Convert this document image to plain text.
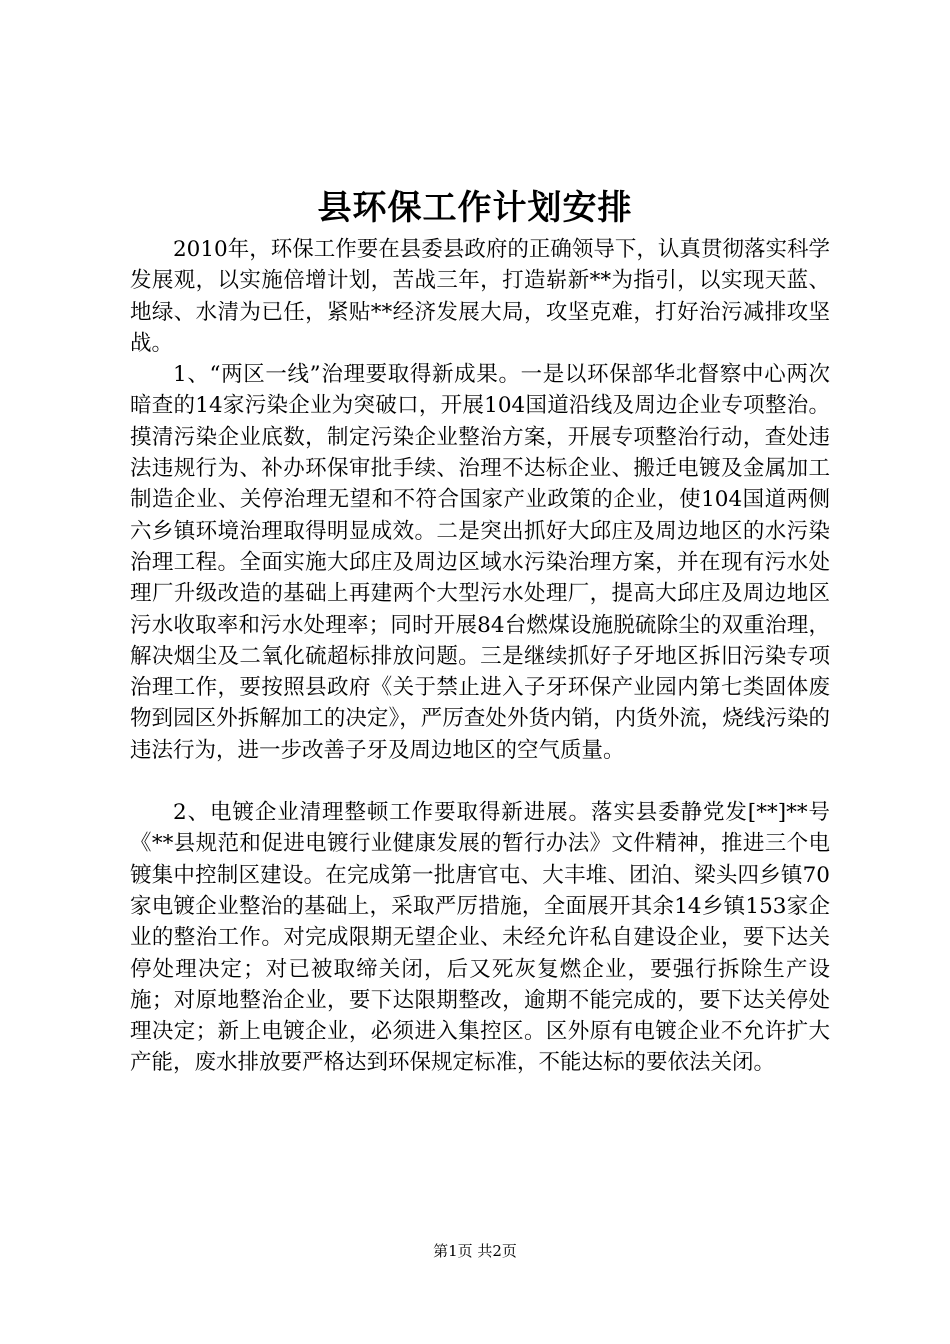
县环保工作计划安排

2010年，环保工作要在县委县政府的正确领导下，认真贯彻落实科学发展观，以实施倍增计划，苦战三年，打造崭新**为指引，以实现天蓝、地绿、水清为已任，紧贴**经济发展大局，攻坚克难，打好治污减排攻坚战。

1、“两区一线”治理要取得新成果。一是以环保部华北督察中心两次暗查的14家污染企业为突破口，开展104国道沿线及周边企业专项整治。摸清污染企业底数，制定污染企业整治方案，开展专项整治行动，查处违法违规行为、补办环保审批手续、治理不达标企业、搬迁电镀及金属加工制造企业、关停治理无望和不符合国家产业政策的企业，使104国道两侧六乡镇环境治理取得明显成效。二是突出抓好大邱庄及周边地区的水污染治理工程。全面实施大邱庄及周边区域水污染治理方案，并在现有污水处理厂升级改造的基础上再建两个大型污水处理厂，提高大邱庄及周边地区污水收取率和污水处理率；同时开展84台燃煤设施脱硫除尘的双重治理，解决烟尘及二氧化硫超标排放问题。三是继续抓好子牙地区拆旧污染专项治理工作，要按照县政府《关于禁止进入子牙环保产业园内第七类固体废物到园区外拆解加工的决定》，严厉查处外货内销，内货外流，烧线污染的违法行为，进一步改善子牙及周边地区的空气质量。

2、电镀企业清理整顿工作要取得新进展。落实县委静党发[**]**号《**县规范和促进电镀行业健康发展的暂行办法》文件精神，推进三个电镀集中控制区建设。在完成第一批唐官屯、大丰堆、团泊、梁头四乡镇70家电镀企业整治的基础上，采取严厉措施，全面展开其余14乡镇153家企业的整治工作。对完成限期无望企业、未经允许私自建设企业，要下达关停处理决定；对已被取缔关闭，后又死灰复燃企业，要强行拆除生产设施；对原地整治企业，要下达限期整改，逾期不能完成的，要下达关停处理决定；新上电镀企业，必须进入集控区。区外原有电镀企业不允许扩大产能，废水排放要严格达到环保规定标准，不能达标的要依法关闭。

第1页 共2页
